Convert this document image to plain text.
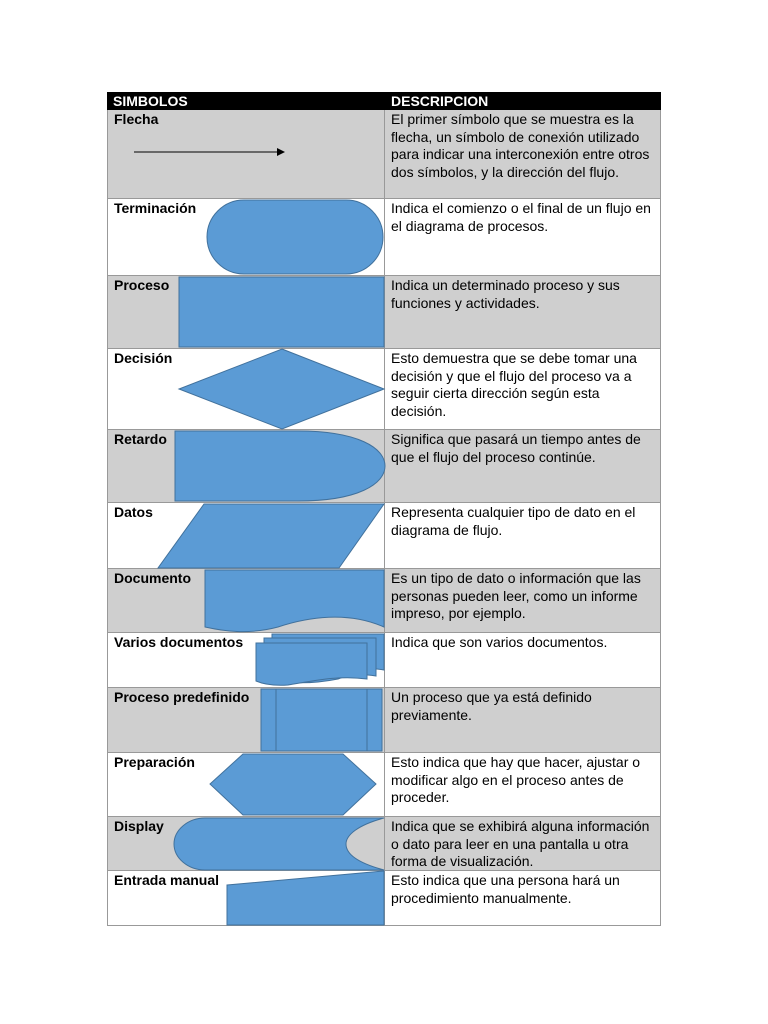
SIMBOLOS	DESCRIPCION
Flecha	El primer símbolo que se muestra es la flecha, un símbolo de conexión utilizado para indicar una interconexión entre otros dos símbolos, y la dirección del flujo.
Terminación	Indica el comienzo o el final de un flujo en el diagrama de procesos.
Proceso	Indica un determinado proceso y sus funciones y actividades.
Decisión	Esto demuestra que se debe tomar una decisión y que el flujo del proceso va a seguir cierta dirección según esta decisión.
Retardo	Significa que pasará un tiempo antes de que el flujo del proceso continúe.
Datos	Representa cualquier tipo de dato en el diagrama de flujo.
Documento	Es un tipo de dato o información que las personas pueden leer, como un informe impreso, por ejemplo.
Varios documentos	Indica que son varios documentos.
Proceso predefinido	Un proceso que ya está definido previamente.
Preparación	Esto indica que hay que hacer, ajustar o modificar algo en el proceso antes de proceder.
Display	Indica que se exhibirá alguna información o dato para leer en una pantalla u otra forma de visualización.
Entrada manual	Esto indica que una persona hará un procedimiento manualmente.
